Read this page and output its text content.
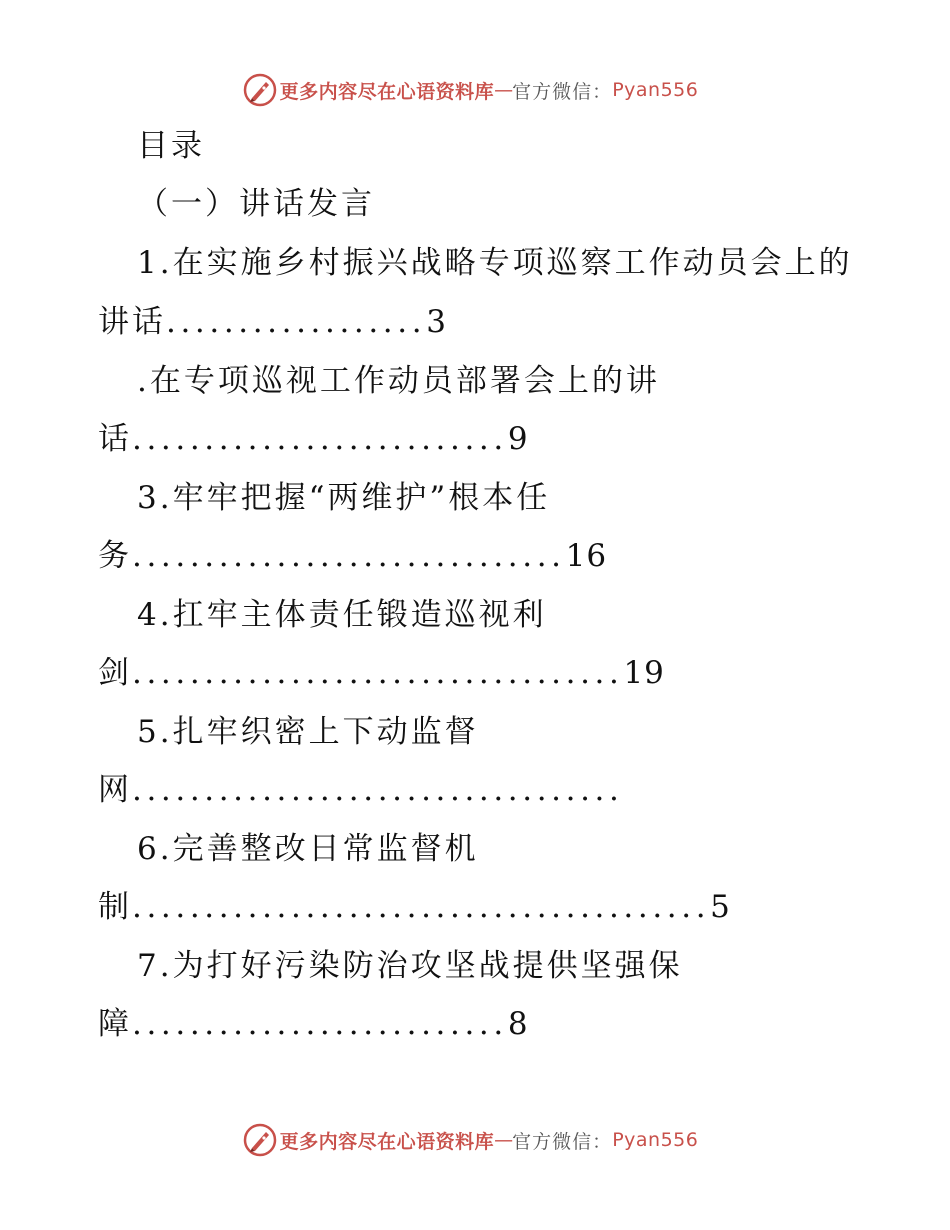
更多内容尽在心语资料库 — 官方微信： Pyan556
目录
（一）讲话发言
1.在实施乡村振兴战略专项巡察工作动员会上的
讲话..................3
.在专项巡视工作动员部署会上的讲
话..........................9
3.牢牢把握“两维护”根本任
务..............................16
4.扛牢主体责任锻造巡视利
剑..................................19
5.扎牢织密上下动监督
网..................................
6.完善整改日常监督机
制........................................5
7.为打好污染防治攻坚战提供坚强保
障..........................8
更多内容尽在心语资料库 — 官方微信： Pyan556
